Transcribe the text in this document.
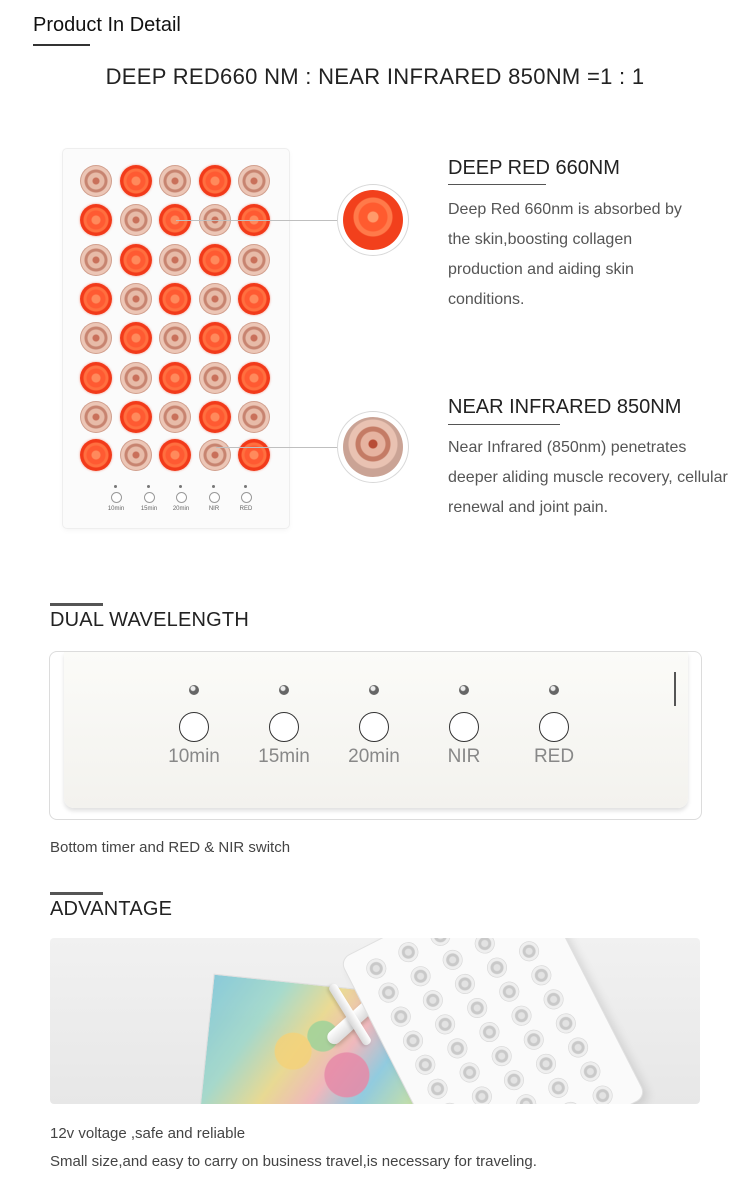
Product In Detail
DEEP RED660 NM : NEAR INFRARED 850NM =1 : 1
10min	15min	20min	NIR	RED
DEEP RED 660NM
Deep Red 660nm is absorbed by the skin,boosting collagen production and aiding skin conditions.
NEAR INFRARED 850NM
Near Infrared (850nm) penetrates deeper aliding muscle recovery, cellular renewal and joint pain.
DUAL WAVELENGTH
10min	15min	20min	NIR	RED
Bottom timer and RED & NIR switch
ADVANTAGE
12v voltage ,safe and reliable
Small size,and easy to carry on business travel,is necessary for traveling.
